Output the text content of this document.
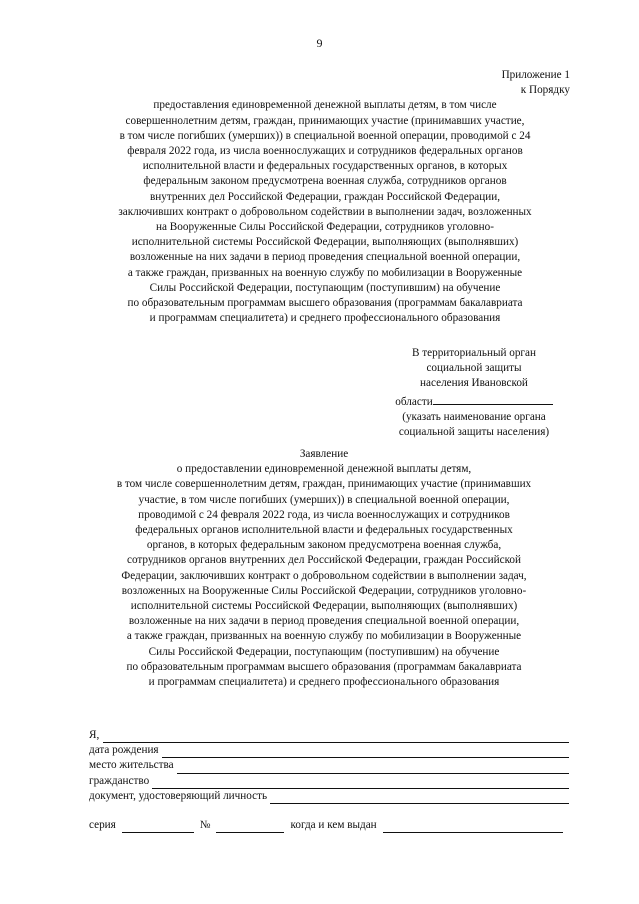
9
Приложение 1
к Порядку
предоставления единовременной денежной выплаты детям, в том числе
совершеннолетним детям, граждан, принимающих участие (принимавших участие,
в том числе погибших (умерших)) в специальной военной операции, проводимой с 24
февраля 2022 года, из числа военнослужащих и сотрудников федеральных органов
исполнительной власти и федеральных государственных органов, в которых
федеральным законом предусмотрена военная служба, сотрудников органов
внутренних дел Российской Федерации, граждан Российской Федерации,
заключивших контракт о добровольном содействии в выполнении задач, возложенных
на Вооруженные Силы Российской Федерации, сотрудников уголовно-
исполнительной системы Российской Федерации, выполняющих (выполнявших)
возложенные на них задачи в период проведения специальной военной операции,
а также граждан, призванных на военную службу по мобилизации в Вооруженные
Силы Российской Федерации, поступающим (поступившим) на обучение
по образовательным программам высшего образования (программам бакалавриата
и программам специалитета) и среднего профессионального образования
В территориальный орган
социальной защиты
населения Ивановской
области
(указать наименование органа
социальной защиты населения)
Заявление
о предоставлении единовременной денежной выплаты детям,
в том числе совершеннолетним детям, граждан, принимающих участие (принимавших
участие, в том числе погибших (умерших)) в специальной военной операции,
проводимой с 24 февраля 2022 года, из числа военнослужащих и сотрудников
федеральных органов исполнительной власти и федеральных государственных
органов, в которых федеральным законом предусмотрена военная служба,
сотрудников органов внутренних дел Российской Федерации, граждан Российской
Федерации, заключивших контракт о добровольном содействии в выполнении задач,
возложенных на Вооруженные Силы Российской Федерации, сотрудников уголовно-
исполнительной системы Российской Федерации, выполняющих (выполнявших)
возложенные на них задачи в период проведения специальной военной операции,
а также граждан, призванных на военную службу по мобилизации в Вооруженные
Силы Российской Федерации, поступающим (поступившим) на обучение
по образовательным программам высшего образования (программам бакалавриата
и программам специалитета) и среднего профессионального образования
Я,
дата рождения
место жительства
гражданство
документ, удостоверяющий личность
серия	№	когда и кем выдан
